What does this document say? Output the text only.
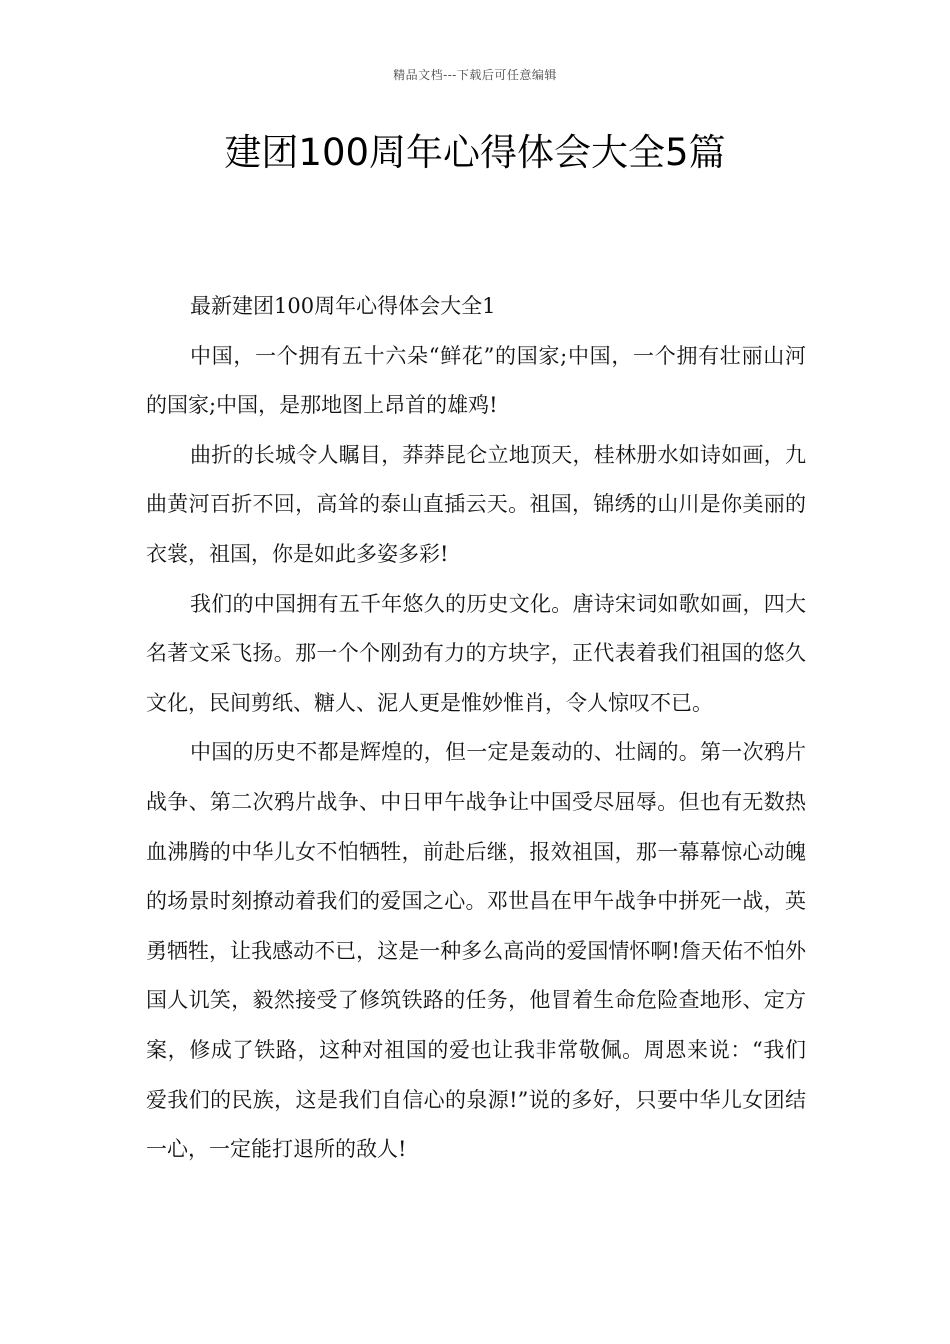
精品文档---下载后可任意编辑
建团100周年心得体会大全5篇

最新建团100周年心得体会大全1

中国，一个拥有五十六朵“鲜花”的国家;中国，一个拥有壮丽山河的国家;中国，是那地图上昂首的雄鸡!

曲折的长城令人瞩目，莽莽昆仑立地顶天，桂林册水如诗如画，九曲黄河百折不回，高耸的泰山直插云天。祖国，锦绣的山川是你美丽的衣裳，祖国，你是如此多姿多彩!

我们的中国拥有五千年悠久的历史文化。唐诗宋词如歌如画，四大名著文采飞扬。那一个个刚劲有力的方块字，正代表着我们祖国的悠久文化，民间剪纸、糖人、泥人更是惟妙惟肖，令人惊叹不已。

中国的历史不都是辉煌的，但一定是轰动的、壮阔的。第一次鸦片战争、第二次鸦片战争、中日甲午战争让中国受尽屈辱。但也有无数热血沸腾的中华儿女不怕牺牲，前赴后继，报效祖国，那一幕幕惊心动魄的场景时刻撩动着我们的爱国之心。邓世昌在甲午战争中拼死一战，英勇牺牲，让我感动不已，这是一种多么高尚的爱国情怀啊!詹天佑不怕外国人讥笑，毅然接受了修筑铁路的任务，他冒着生命危险查地形、定方案，修成了铁路，这种对祖国的爱也让我非常敬佩。周恩来说：“我们爱我们的民族，这是我们自信心的泉源!”说的多好，只要中华儿女团结一心，一定能打退所的敌人!
